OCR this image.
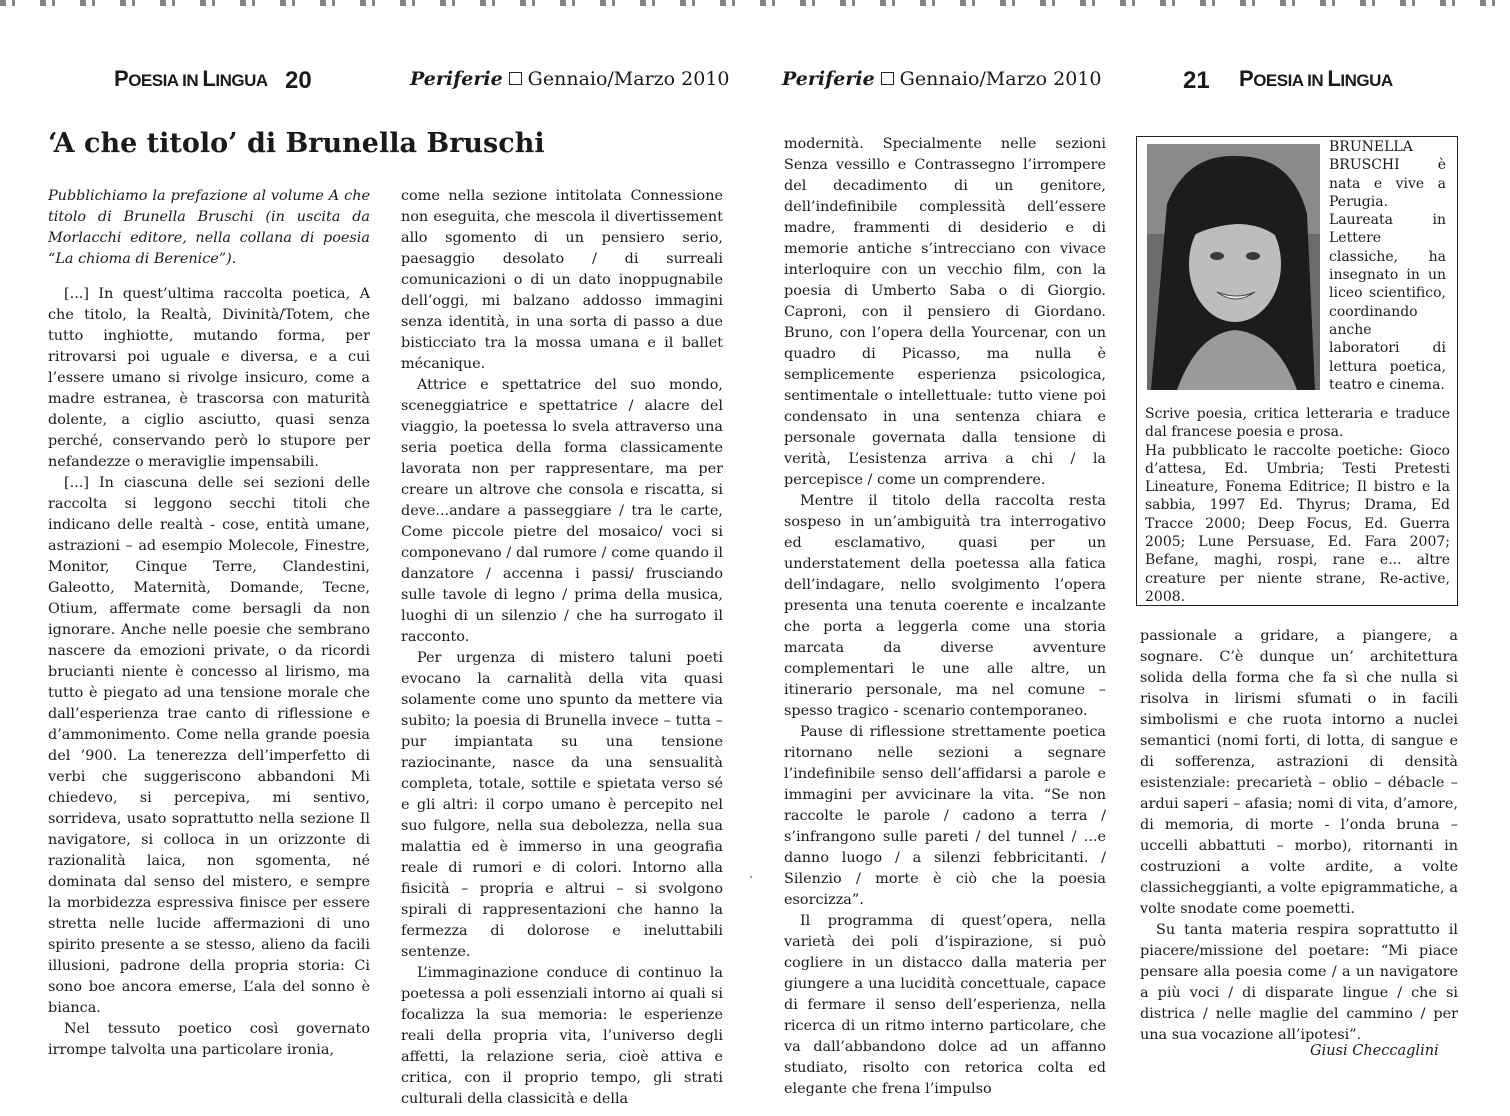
POESIA IN LINGUA 20	Periferie Gennaio/Marzo 2010	Periferie Gennaio/Marzo 2010	21 POESIA IN LINGUA
‘A che titolo’ di Brunella Bruschi

Pubblichiamo la prefazione al volume A che titolo di Brunella Bruschi (in uscita da Morlacchi editore, nella collana di poesia “La chioma di Berenice”).

[...] In quest’ultima raccolta poetica, A che titolo, la Realtà, Divinità/Totem, che tutto inghiotte, mutando forma, per ritrovarsi poi uguale e diversa, e a cui l’essere umano si rivolge insicuro, come a madre estranea, è trascorsa con maturità dolente, a ciglio asciutto, quasi senza perché, conservando però lo stupore per nefandezze o meraviglie impensabili.

[...] In ciascuna delle sei sezioni delle raccolta si leggono secchi titoli che indicano delle realtà - cose, entità umane, astrazioni – ad esempio Molecole, Finestre, Monitor, Cinque Terre, Clandestini, Galeotto, Maternità, Domande, Tecne, Otium, affermate come bersagli da non ignorare. Anche nelle poesie che sembrano nascere da emozioni private, o da ricordi brucianti niente è concesso al lirismo, ma tutto è piegato ad una tensione morale che dall’esperienza trae canto di riflessione e d’ammonimento. Come nella grande poesia del ’900. La tenerezza dell’imperfetto di verbi che suggeriscono abbandoni Mi chiedevo, si percepiva, mi sentivo, sorrideva, usato soprattutto nella sezione Il navigatore, si colloca in un orizzonte di razionalità laica, non sgomenta, né dominata dal senso del mistero, e sempre la morbidezza espressiva finisce per essere stretta nelle lucide affermazioni di uno spirito presente a se stesso, alieno da facili illusioni, padrone della propria storia: Ci sono boe ancora emerse, L’ala del sonno è bianca.

Nel tessuto poetico così governato irrompe talvolta una particolare ironia,

come nella sezione intitolata Connessione non eseguita, che mescola il divertissement allo sgomento di un pensiero serio, paesaggio desolato / di surreali comunicazioni o di un dato inoppugnabile dell’oggi, mi balzano addosso immagini senza identità, in una sorta di passo a due bisticciato tra la mossa umana e il ballet mécanique.

Attrice e spettatrice del suo mondo, sceneggiatrice e spettatrice / alacre del viaggio, la poetessa lo svela attraverso una seria poetica della forma classicamente lavorata non per rappresentare, ma per creare un altrove che consola e riscatta, si deve...andare a passeggiare / tra le carte, Come piccole pietre del mosaico/ voci si componevano / dal rumore / come quando il danzatore / accenna i passi/ frusciando sulle tavole di legno / prima della musica, luoghi di un silenzio / che ha surrogato il racconto.

Per urgenza di mistero taluni poeti evocano la carnalità della vita quasi solamente come uno spunto da mettere via subito; la poesia di Brunella invece – tutta – pur impiantata su una tensione raziocinante, nasce da una sensualità completa, totale, sottile e spietata verso sé e gli altri: il corpo umano è percepito nel suo fulgore, nella sua debolezza, nella sua malattia ed è immerso in una geografia reale di rumori e di colori. Intorno alla fisicità – propria e altrui – si svolgono spirali di rappresentazioni che hanno la fermezza di dolorose e ineluttabili sentenze.

L’immaginazione conduce di continuo la poetessa a poli essenziali intorno ai quali si focalizza la sua memoria: le esperienze reali della propria vita, l’universo degli affetti, la relazione seria, cioè attiva e critica, con il proprio tempo, gli strati culturali della classicità e della

modernità. Specialmente nelle sezioni Senza vessillo e Contrassegno l’irrompere del decadimento di un genitore, dell’indefinibile complessità dell’essere madre, frammenti di desiderio e di memorie antiche s’intrecciano con vivace interloquire con un vecchio film, con la poesia di Umberto Saba o di Giorgio. Caproni, con il pensiero di Giordano. Bruno, con l’opera della Yourcenar, con un quadro di Picasso, ma nulla è semplicemente esperienza psicologica, sentimentale o intellettuale: tutto viene poi condensato in una sentenza chiara e personale governata dalla tensione di verità, L’esistenza arriva a chi / la percepisce / come un comprendere.

Mentre il titolo della raccolta resta sospeso in un’ambiguità tra interrogativo ed esclamativo, quasi per un understatement della poetessa alla fatica dell’indagare, nello svolgimento l’opera presenta una tenuta coerente e incalzante che porta a leggerla come una storia marcata da diverse avventure complementari le une alle altre, un itinerario personale, ma nel comune – spesso tragico - scenario contemporaneo.

Pause di riflessione strettamente poetica ritornano nelle sezioni a segnare l’indefinibile senso dell’affidarsi a parole e immagini per avvicinare la vita. “Se non raccolte le parole / cadono a terra / s’infrangono sulle pareti / del tunnel / ...e danno luogo / a silenzi febbricitanti. / Silenzio / morte è ciò che la poesia esorcizza”.

Il programma di quest’opera, nella varietà dei poli d’ispirazione, si può cogliere in un distacco dalla materia per giungere a una lucidità concettuale, capace di fermare il senso dell’esperienza, nella ricerca di un ritmo interno particolare, che va dall’abbandono dolce ad un affanno studiato, risolto con retorica colta ed elegante che frena l’impulso

BRUNELLA BRUSCHI è nata e vive a Perugia. Laureata in Lettere classiche, ha insegnato in un liceo scientifico, coordinando anche laboratori di lettura poetica, teatro e cinema.

Scrive poesia, critica letteraria e traduce dal francese poesia e prosa.

Ha pubblicato le raccolte poetiche: Gioco d’attesa, Ed. Umbria; Testi Pretesti Lineature, Fonema Editrice; Il bistro e la sabbia, 1997 Ed. Thyrus; Drama, Ed Tracce 2000; Deep Focus, Ed. Guerra 2005; Lune Persuase, Ed. Fara 2007; Befane, maghi, rospi, rane e... altre creature per niente strane, Re-active, 2008.

passionale a gridare, a piangere, a sognare. C’è dunque un’ architettura solida della forma che fa sì che nulla si risolva in lirismi sfumati o in facili simbolismi e che ruota intorno a nuclei semantici (nomi forti, di lotta, di sangue e di sofferenza, astrazioni di densità esistenziale: precarietà – oblio – débacle – ardui saperi – afasia; nomi di vita, d’amore, di memoria, di morte - l’onda bruna – uccelli abbattuti – morbo), ritornanti in costruzioni a volte ardite, a volte classicheggianti, a volte epigrammatiche, a volte snodate come poemetti.

Su tanta materia respira soprattutto il piacere/missione del poetare: “Mi piace pensare alla poesia come / a un navigatore a più voci / di disparate lingue / che si districa / nelle maglie del cammino / per una sua vocazione all’ipotesi”.

Giusi Checcaglini
